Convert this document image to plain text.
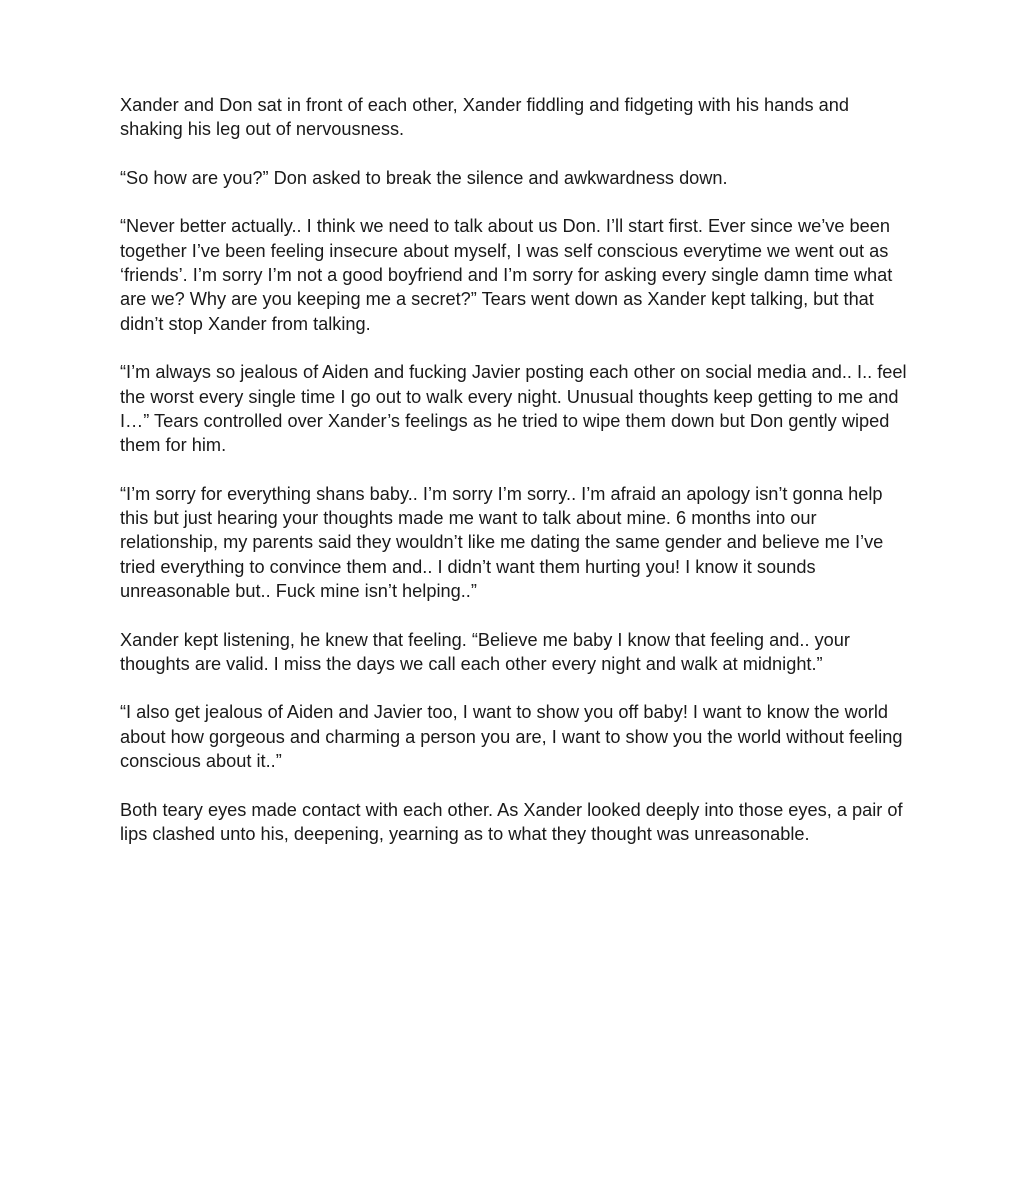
Xander and Don sat in front of each other, Xander fiddling and fidgeting with his hands and shaking his leg out of nervousness.

“So how are you?” Don asked to break the silence and awkwardness down.

“Never better actually.. I think we need to talk about us Don. I’ll start first. Ever since we’ve been together I’ve been feeling insecure about myself, I was self conscious everytime we went out as ‘friends’. I’m sorry I’m not a good boyfriend and I’m sorry for asking every single damn time what are we? Why are you keeping me a secret?” Tears went down as Xander kept talking, but that didn’t stop Xander from talking.

“I’m always so jealous of Aiden and fucking Javier posting each other on social media and.. I.. feel the worst every single time I go out to walk every night. Unusual thoughts keep getting to me and I…” Tears controlled over Xander’s feelings as he tried to wipe them down but Don gently wiped them for him.

“I’m sorry for everything shans baby.. I’m sorry I’m sorry.. I’m afraid an apology isn’t gonna help this but just hearing your thoughts made me want to talk about mine. 6 months into our relationship, my parents said they wouldn’t like me dating the same gender and believe me I’ve tried everything to convince them and.. I didn’t want them hurting you! I know it sounds unreasonable but.. Fuck mine isn’t helping..”

Xander kept listening, he knew that feeling. “Believe me baby I know that feeling and.. your thoughts are valid. I miss the days we call each other every night and walk at midnight.”

“I also get jealous of Aiden and Javier too, I want to show you off baby! I want to know the world about how gorgeous and charming a person you are, I want to show you the world without feeling conscious about it..”

Both teary eyes made contact with each other. As Xander looked deeply into those eyes, a pair of lips clashed unto his, deepening, yearning as to what they thought was unreasonable.
